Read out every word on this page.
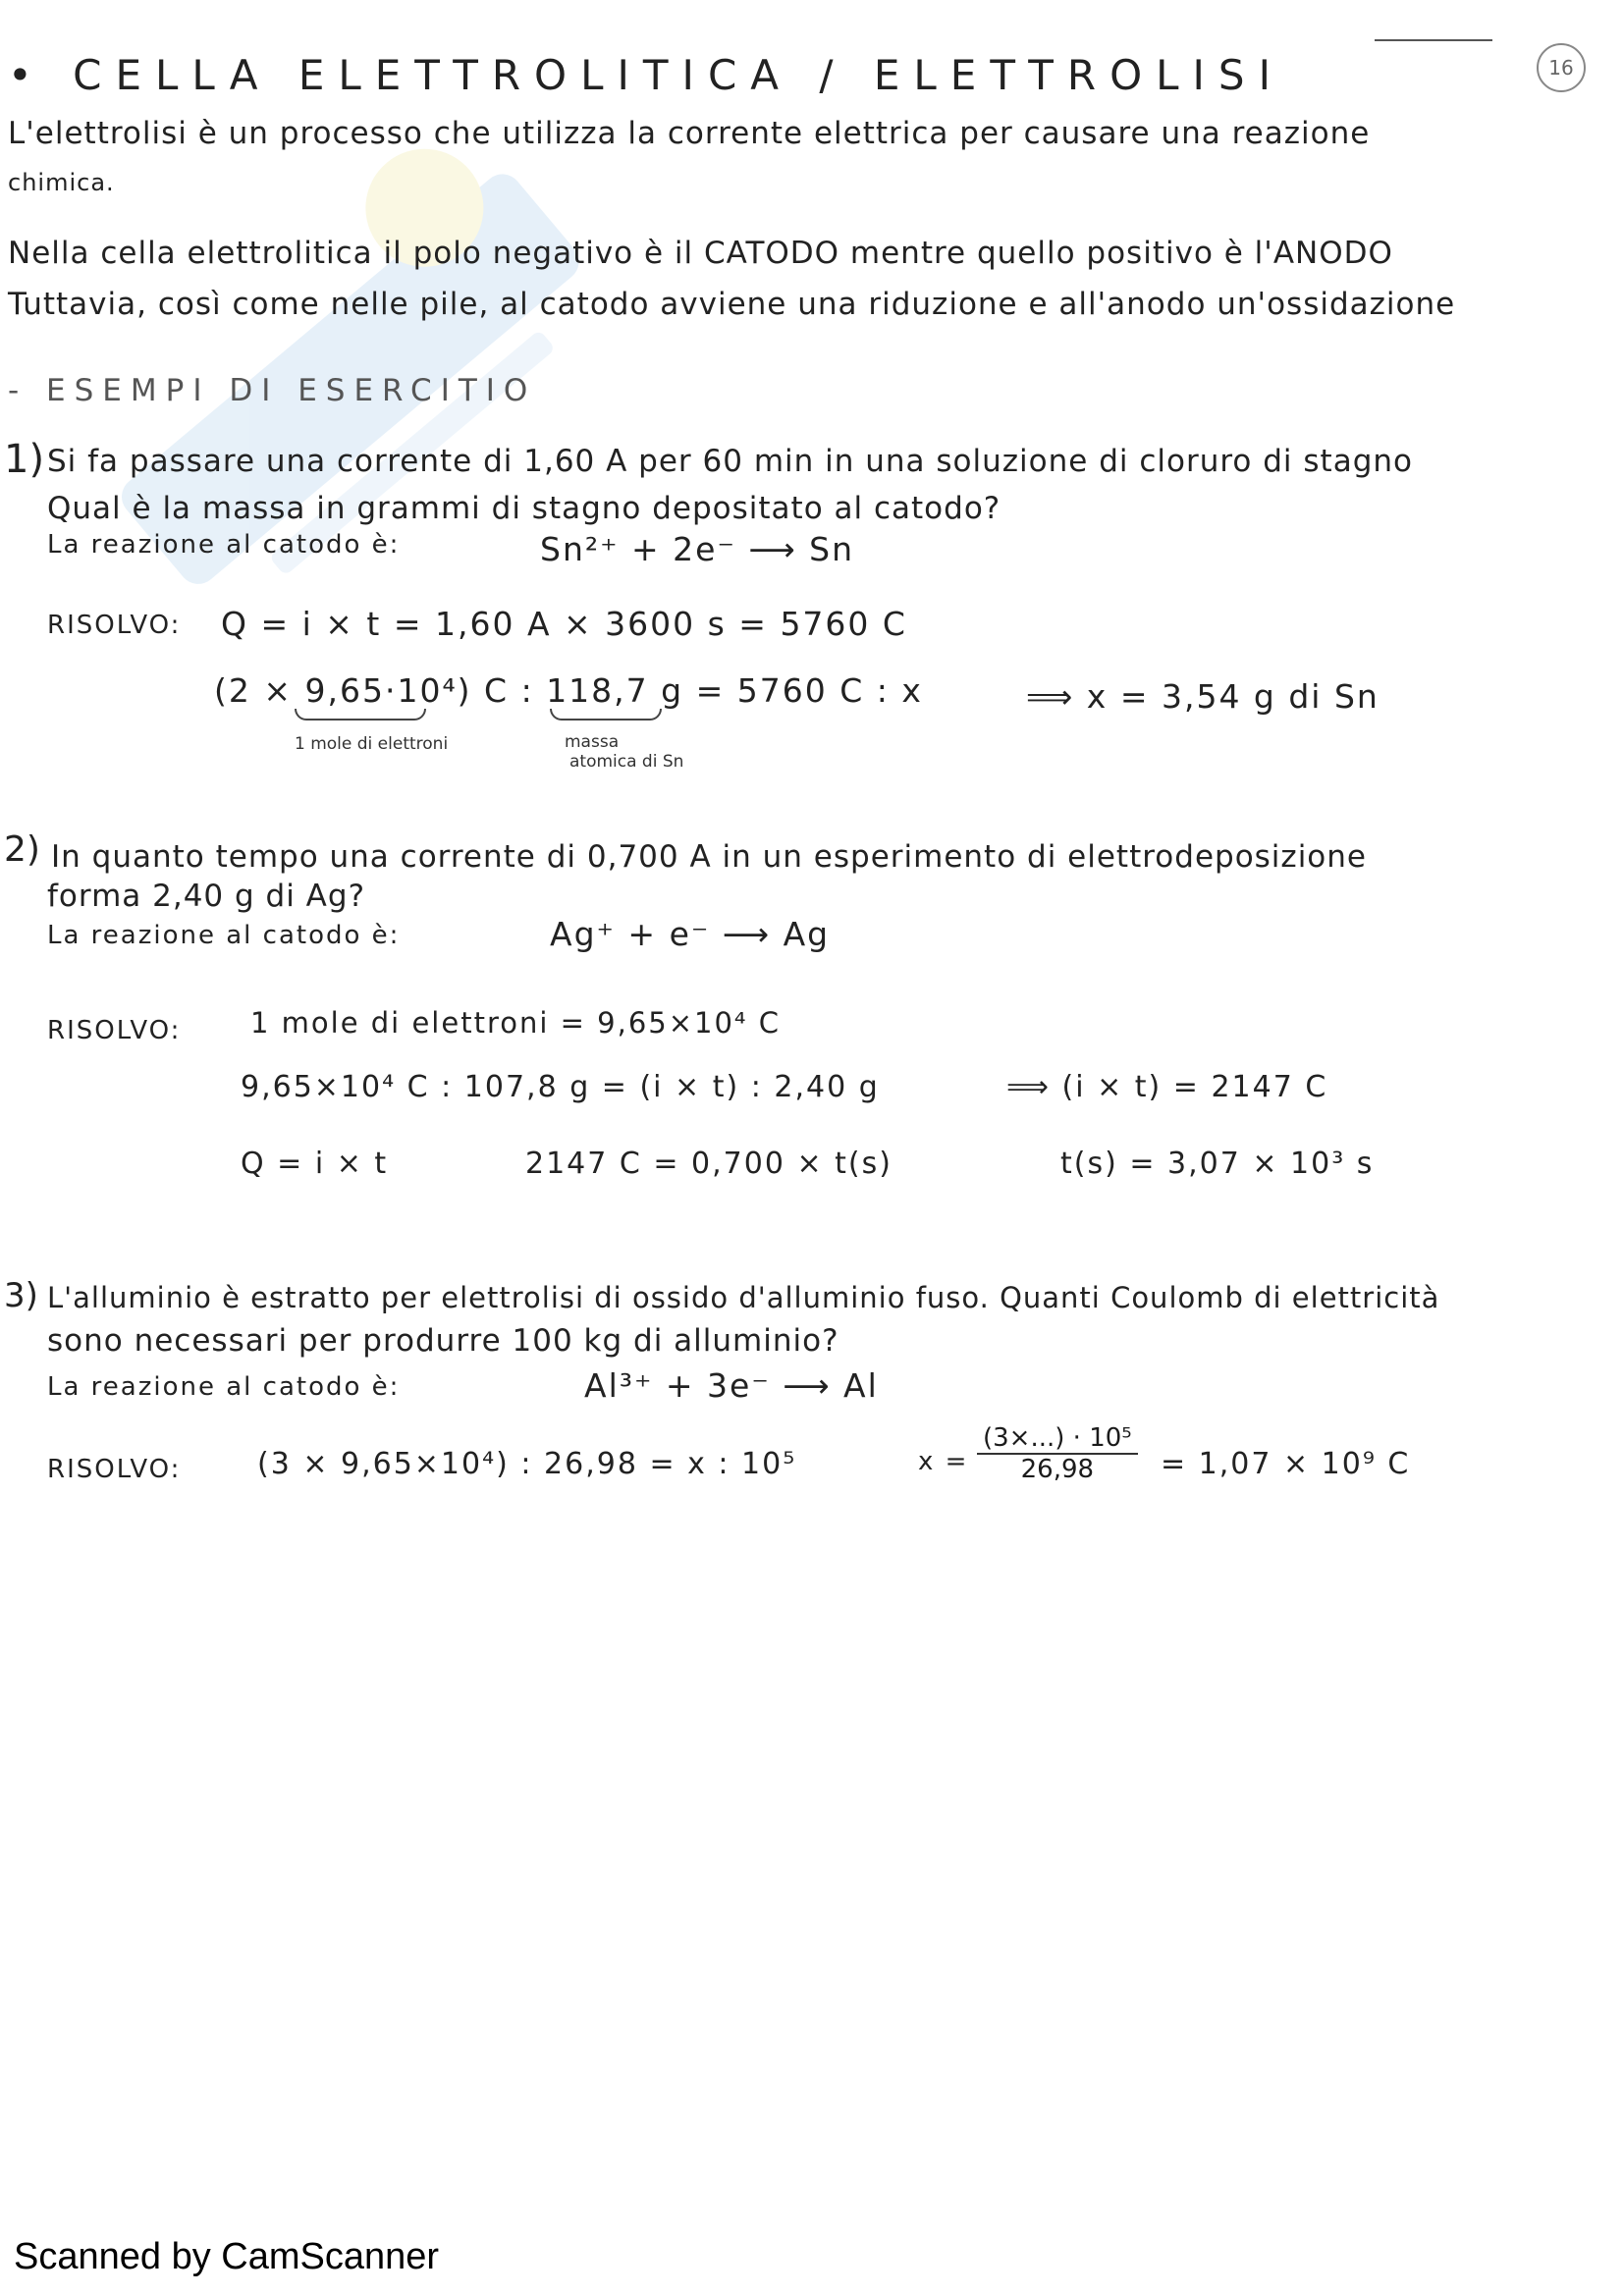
16
• CELLA ELETTROLITICA / ELETTROLISI
L'elettrolisi è un processo che utilizza la corrente elettrica per causare una reazione
chimica.
Nella cella elettrolitica il polo negativo è il CATODO mentre quello positivo è l'ANODO
Tuttavia, così come nelle pile, al catodo avviene una riduzione e all'anodo un'ossidazione
- ESEMPI DI ESERCITIO
1) Si fa passare una corrente di 1,60 A per 60 min in una soluzione di cloruro di stagno
Qual è la massa in grammi di stagno depositato al catodo?
La reazione al catodo è:	Sn²⁺ + 2e⁻ ⟶ Sn
RISOLVO: Q = i × t = 1,60 A × 3600 s = 5760 C
(2 × 9,65·10⁴) C : 118,7 g = 5760 C : x	⟹ x = 3,54 g di Sn
1 mole di elettroni	massa
atomica di Sn
2) In quanto tempo una corrente di 0,700 A in un esperimento di elettrodeposizione
forma 2,40 g di Ag?
La reazione al catodo è:	Ag⁺ + e⁻ ⟶ Ag
RISOLVO: 1 mole di elettroni = 9,65×10⁴ C
9,65×10⁴ C : 107,8 g = (i × t) : 2,40 g	⟹ (i × t) = 2147 C
Q = i × t	2147 C = 0,700 × t(s)	t(s) = 3,07 × 10³ s
3) L'alluminio è estratto per elettrolisi di ossido d'alluminio fuso. Quanti Coulomb di elettricità
sono necessari per produrre 100 kg di alluminio?
La reazione al catodo è:	Al³⁺ + 3e⁻ ⟶ Al
RISOLVO:	(3 × 9,65×10⁴) : 26,98 = x : 10⁵	$x = \frac{\text{(3×...) · 10⁵}}{26,98} = 1,07 \times 10^9$ C
Scanned by CamScanner
